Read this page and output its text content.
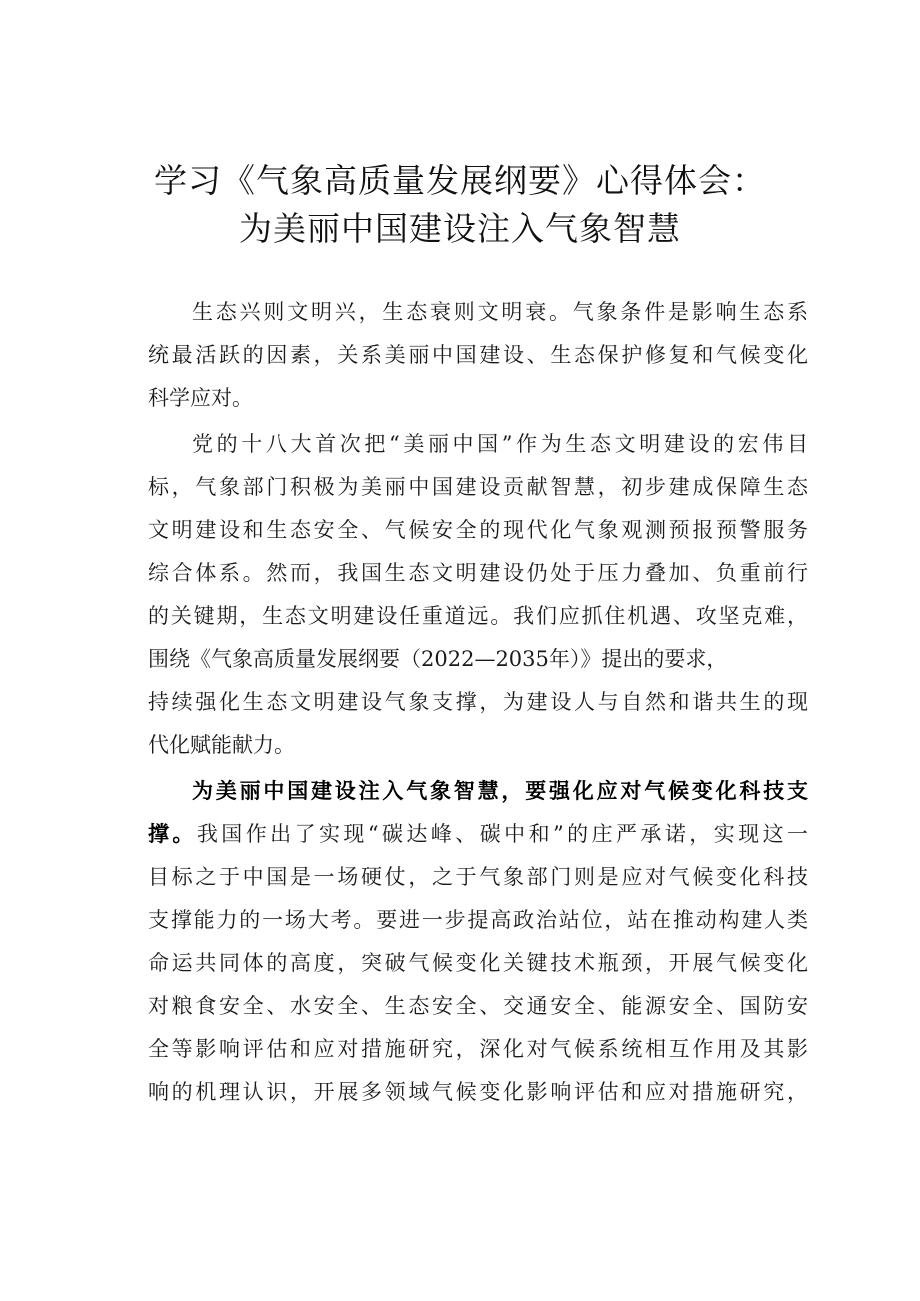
学习《气象高质量发展纲要》心得体会：
为美丽中国建设注入气象智慧
生态兴则文明兴，生态衰则文明衰。气象条件是影响生态系
统最活跃的因素，关系美丽中国建设、生态保护修复和气候变化
科学应对。
党的十八大首次把“美丽中国”作为生态文明建设的宏伟目
标，气象部门积极为美丽中国建设贡献智慧，初步建成保障生态
文明建设和生态安全、气候安全的现代化气象观测预报预警服务
综合体系。然而，我国生态文明建设仍处于压力叠加、负重前行
的关键期，生态文明建设任重道远。我们应抓住机遇、攻坚克难，
围绕《气象高质量发展纲要（2022—2035年）》提出的要求，
持续强化生态文明建设气象支撑，为建设人与自然和谐共生的现
代化赋能献力。
为美丽中国建设注入气象智慧，要强化应对气候变化科技支
撑。我国作出了实现“碳达峰、碳中和”的庄严承诺，实现这一
目标之于中国是一场硬仗，之于气象部门则是应对气候变化科技
支撑能力的一场大考。要进一步提高政治站位，站在推动构建人类
命运共同体的高度，突破气候变化关键技术瓶颈，开展气候变化
对粮食安全、水安全、生态安全、交通安全、能源安全、国防安
全等影响评估和应对措施研究，深化对气候系统相互作用及其影
响的机理认识，开展多领域气候变化影响评估和应对措施研究，
